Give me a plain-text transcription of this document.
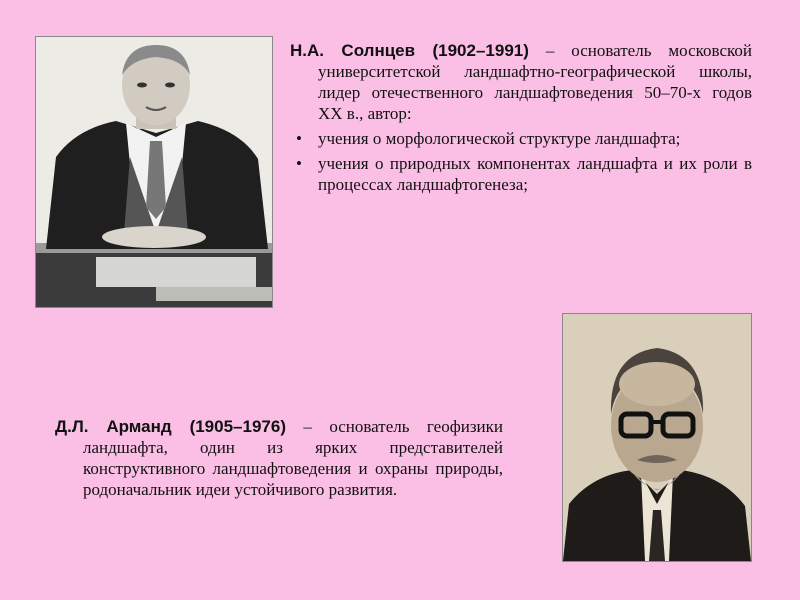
Н.А. Солнцев (1902–1991) – основатель московской университетской ландшафтно-географической школы, лидер отечественного ландшафтоведения 50–70-х годов XX в., автор:

• учения о морфологической структуре ландшафта;
• учения о природных компонентах ландшафта и их роли в процессах ландшафтогенеза;

Д.Л. Арманд (1905–1976) – основатель геофизики ландшафта, один из ярких представителей конструктивного ландшафтоведения и охраны природы, родоначальник идеи устойчивого развития.
